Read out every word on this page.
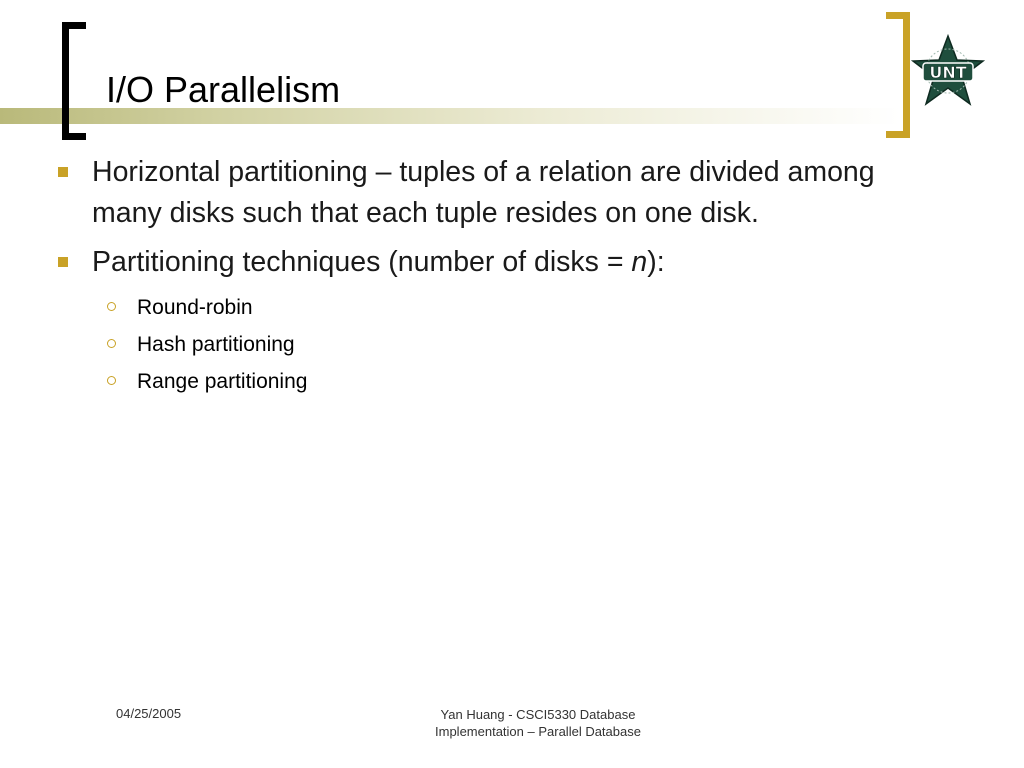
I/O Parallelism	UNT
Horizontal partitioning – tuples of a relation are divided among many disks such that each tuple resides on one disk.
Partitioning techniques (number of disks = n):
Round-robin
Hash partitioning
Range partitioning
04/25/2005	Yan Huang - CSCI5330 Database
Implementation – Parallel Database
